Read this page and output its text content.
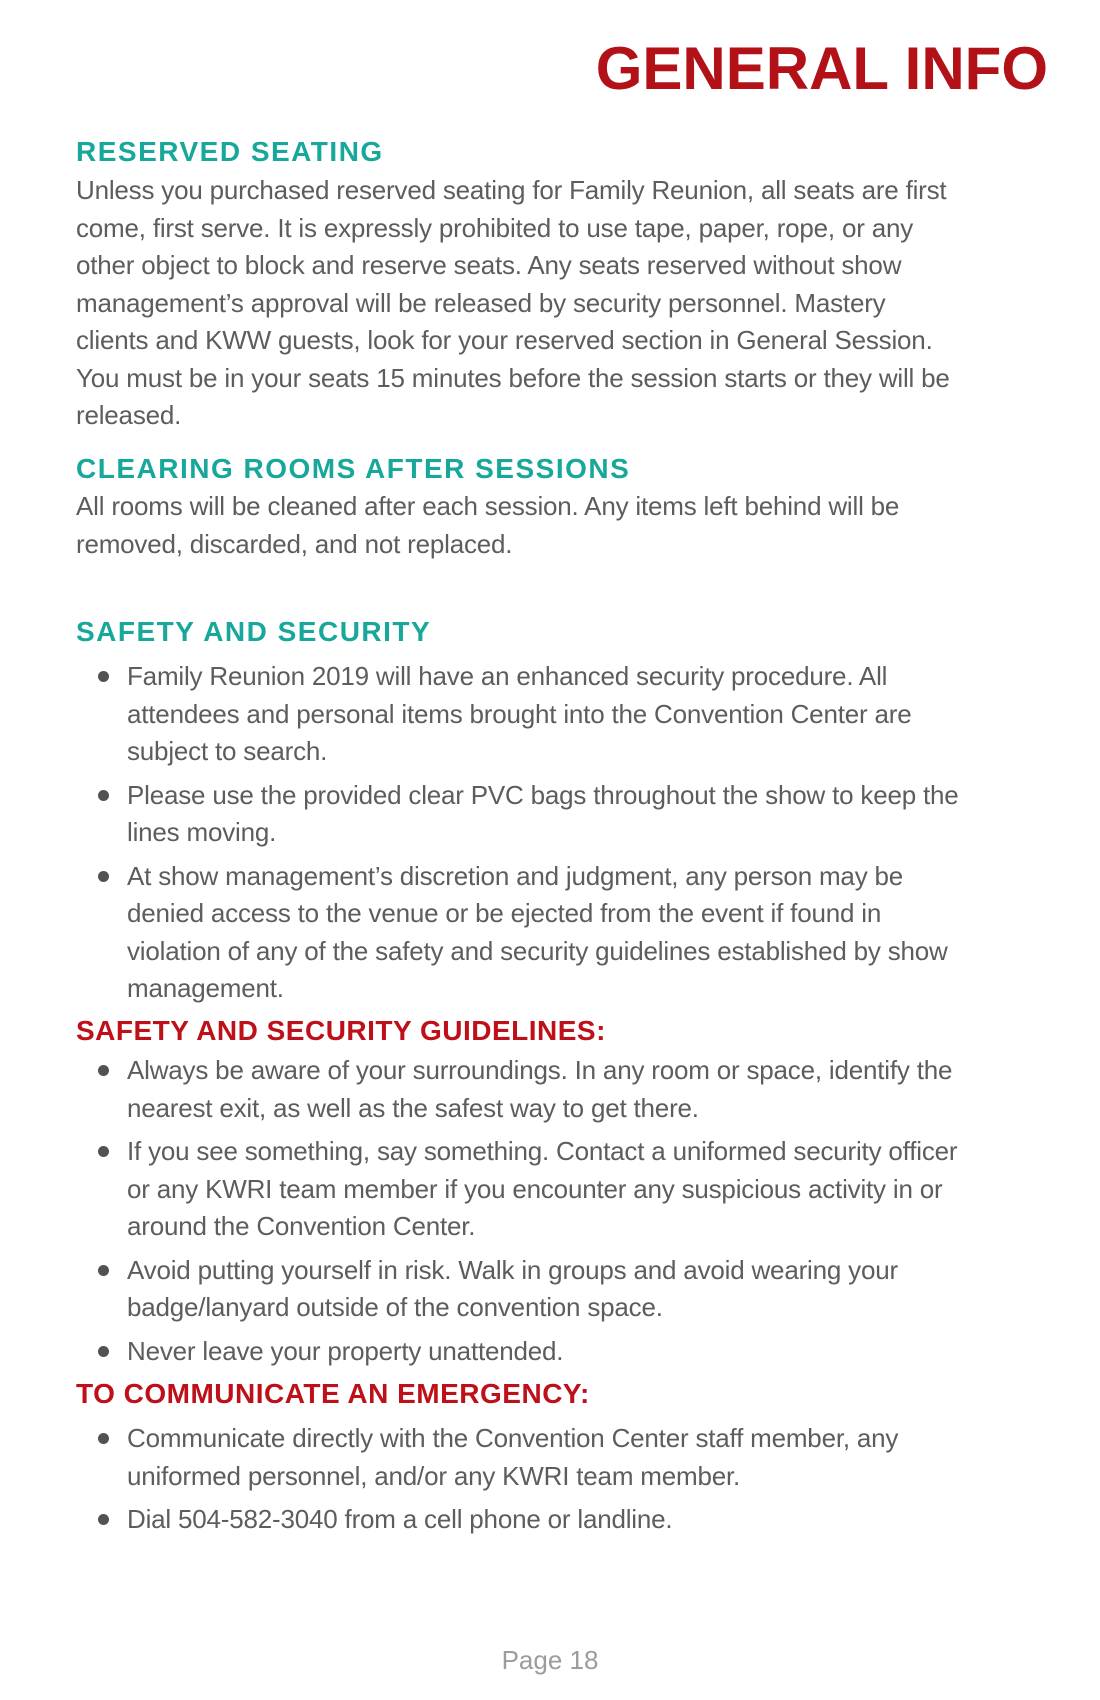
GENERAL INFO
RESERVED SEATING

Unless you purchased reserved seating for Family Reunion, all seats are first
come, first serve. It is expressly prohibited to use tape, paper, rope, or any
other object to block and reserve seats. Any seats reserved without show
management’s approval will be released by security personnel. Mastery
clients and KWW guests, look for your reserved section in General Session.
You must be in your seats 15 minutes before the session starts or they will be
released.

CLEARING ROOMS AFTER SESSIONS

All rooms will be cleaned after each session. Any items left behind will be
removed, discarded, and not replaced.

SAFETY AND SECURITY
Family Reunion 2019 will have an enhanced security procedure. All
attendees and personal items brought into the Convention Center are
subject to search.
Please use the provided clear PVC bags throughout the show to keep the
lines moving.
At show management’s discretion and judgment, any person may be
denied access to the venue or be ejected from the event if found in
violation of any of the safety and security guidelines established by show
management.
SAFETY AND SECURITY GUIDELINES:
Always be aware of your surroundings. In any room or space, identify the
nearest exit, as well as the safest way to get there.
If you see something, say something. Contact a uniformed security officer
or any KWRI team member if you encounter any suspicious activity in or
around the Convention Center.
Avoid putting yourself in risk. Walk in groups and avoid wearing your
badge/lanyard outside of the convention space.
Never leave your property unattended.
TO COMMUNICATE AN EMERGENCY:
Communicate directly with the Convention Center staff member, any
uniformed personnel, and/or any KWRI team member.
Dial 504-582-3040 from a cell phone or landline.
Page 18
